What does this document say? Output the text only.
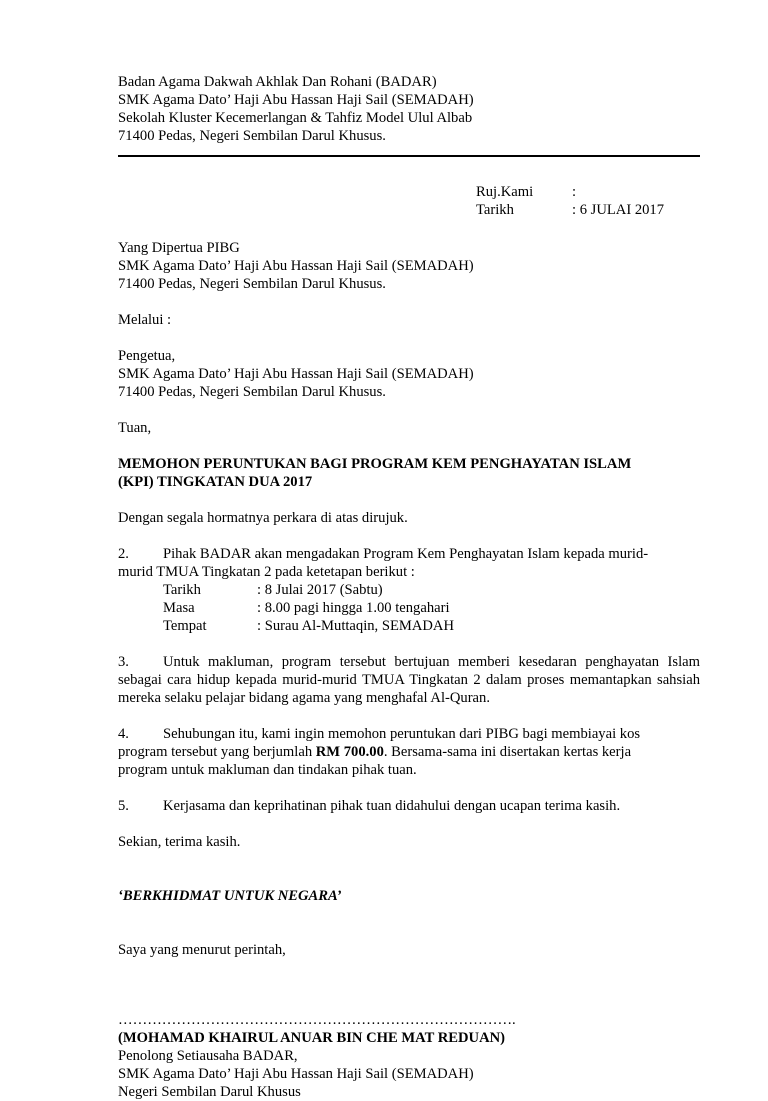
Badan Agama Dakwah Akhlak Dan Rohani (BADAR)
SMK Agama Dato’ Haji Abu Hassan Haji Sail (SEMADAH)
Sekolah Kluster Kecemerlangan & Tahfiz Model Ulul Albab
71400 Pedas, Negeri Sembilan Darul Khusus.
Ruj.Kami	:
Tarikh	: 6 JULAI 2017
Yang Dipertua PIBG
SMK Agama Dato’ Haji Abu Hassan Haji Sail (SEMADAH)
71400 Pedas, Negeri Sembilan Darul Khusus.
Melalui :
Pengetua,
SMK Agama Dato’ Haji Abu Hassan Haji Sail (SEMADAH)
71400 Pedas, Negeri Sembilan Darul Khusus.
Tuan,
MEMOHON PERUNTUKAN BAGI PROGRAM KEM PENGHAYATAN ISLAM
(KPI) TINGKATAN DUA 2017
Dengan segala hormatnya perkara di atas dirujuk.
2. Pihak BADAR akan mengadakan Program Kem Penghayatan Islam kepada murid-
murid TMUA Tingkatan 2 pada ketetapan berikut :
Tarikh	: 8 Julai 2017 (Sabtu)
Masa	: 8.00 pagi hingga 1.00 tengahari
Tempat	: Surau Al-Muttaqin, SEMADAH
3. Untuk makluman, program tersebut bertujuan memberi kesedaran penghayatan Islam sebagai cara hidup kepada murid-murid TMUA Tingkatan 2 dalam proses memantapkan sahsiah mereka selaku pelajar bidang agama yang menghafal Al-Quran.
4. Sehubungan itu, kami ingin memohon peruntukan dari PIBG bagi membiayai kos
program tersebut yang berjumlah RM 700.00. Bersama-sama ini disertakan kertas kerja
program untuk makluman dan tindakan pihak tuan.
5. Kerjasama dan keprihatinan pihak tuan didahului dengan ucapan terima kasih.
Sekian, terima kasih.
‘BERKHIDMAT UNTUK NEGARA’
Saya yang menurut perintah,
……………………………………………………………………….
(MOHAMAD KHAIRUL ANUAR BIN CHE MAT REDUAN)
Penolong Setiausaha BADAR,
SMK Agama Dato’ Haji Abu Hassan Haji Sail (SEMADAH)
Negeri Sembilan Darul Khusus
